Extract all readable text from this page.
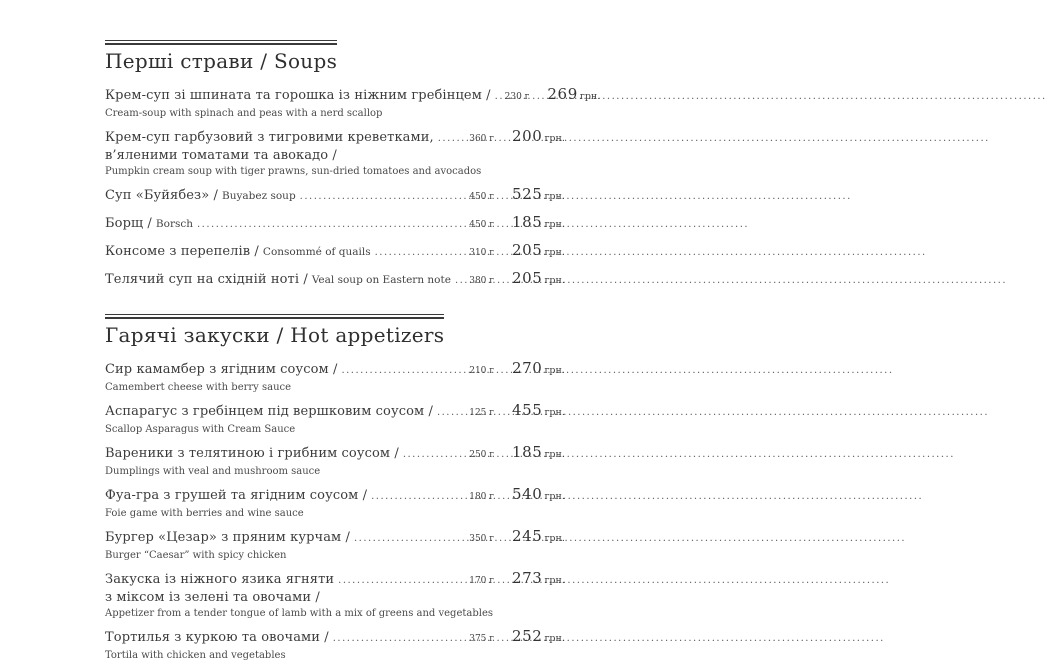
Перші страви / Soups
Крем-суп зі шпината та горошка із ніжним гребінцем / ..... 230 г 269 грн.
Cream-soup with spinach and peas with a nerd scallop
Крем-суп гарбузовий з тигровими креветками, .....	360 г 200 грн.
в’яленими томатами та авокадо /
Pumpkin cream soup with tiger prawns, sun-dried tomatoes and avocados
Суп «Буйябез» / Buyabez soup .....	450 г 525 грн.
Борщ / Borsch .....	450 г 185 грн.
Консоме з перепелів / Consommé of quails .....	310 г 205 грн.
Телячий суп на східній ноті / Veal soup on Eastern note ..... 380 г 205 грн.
Гарячі закуски / Hot appetizers
Сир камамбер з ягідним соусом / .....	210 г 270 грн.
Camembert cheese with berry sauce
Аспарагус з гребінцем під вершковим соусом / .....	125 г 455 грн.
Scallop Asparagus with Cream Sauce
Вареники з телятиною і грибним соусом / .....	250 г 185 грн.
Dumplings with veal and mushroom sauce
Фуа-гра з грушей та ягідним соусом / .....	180 г 540 грн.
Foie game with berries and wine sauce
Бургер «Цезар» з пряним курчам / .....	350 г 245 грн.
Burger “Caesar” with spicy chicken
Закуска із ніжного язика ягняти .....	170 г 273 грн.
з міксом із зелені та овочами /
Appetizer from a tender tongue of lamb with a mix of greens and vegetables
Тортилья з куркою та овочами / .....	375 г 252 грн.
Tortila with chicken and vegetables
